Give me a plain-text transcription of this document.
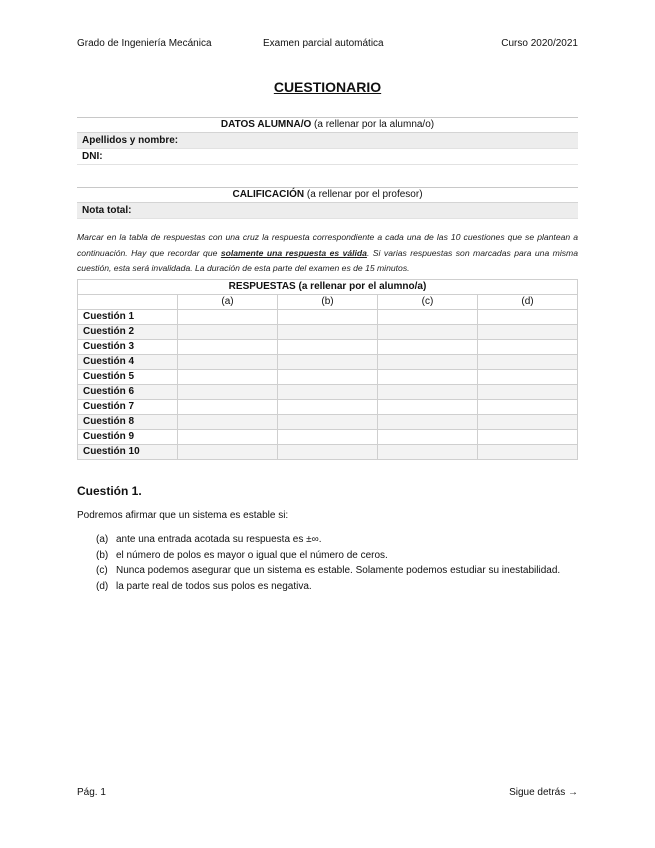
Grado de Ingeniería Mecánica	Examen parcial automática	Curso 2020/2021
CUESTIONARIO
DATOS ALUMNA/O (a rellenar por la alumna/o)
Apellidos y nombre:
DNI:
CALIFICACIÓN (a rellenar por el profesor)
Nota total:
Marcar en la tabla de respuestas con una cruz la respuesta correspondiente a cada una de las 10 cuestiones que se plantean a continuación. Hay que recordar que solamente una respuesta es válida. Si varias respuestas son marcadas para una misma cuestión, esta será invalidada. La duración de esta parte del examen es de 15 minutos.
RESPUESTAS (a rellenar por el alumno/a)				
	(a)	(b)	(c)	(d)
Cuestión 1				
Cuestión 2				
Cuestión 3				
Cuestión 4				
Cuestión 5				
Cuestión 6				
Cuestión 7				
Cuestión 8				
Cuestión 9				
Cuestión 10				
Cuestión 1.
Podremos afirmar que un sistema es estable si:
(a) ante una entrada acotada su respuesta es ±∞.
(b) el número de polos es mayor o igual que el número de ceros.
(c) Nunca podemos asegurar que un sistema es estable. Solamente podemos estudiar su inestabilidad.
(d) la parte real de todos sus polos es negativa.
Pág. 1	Sigue detrás →
